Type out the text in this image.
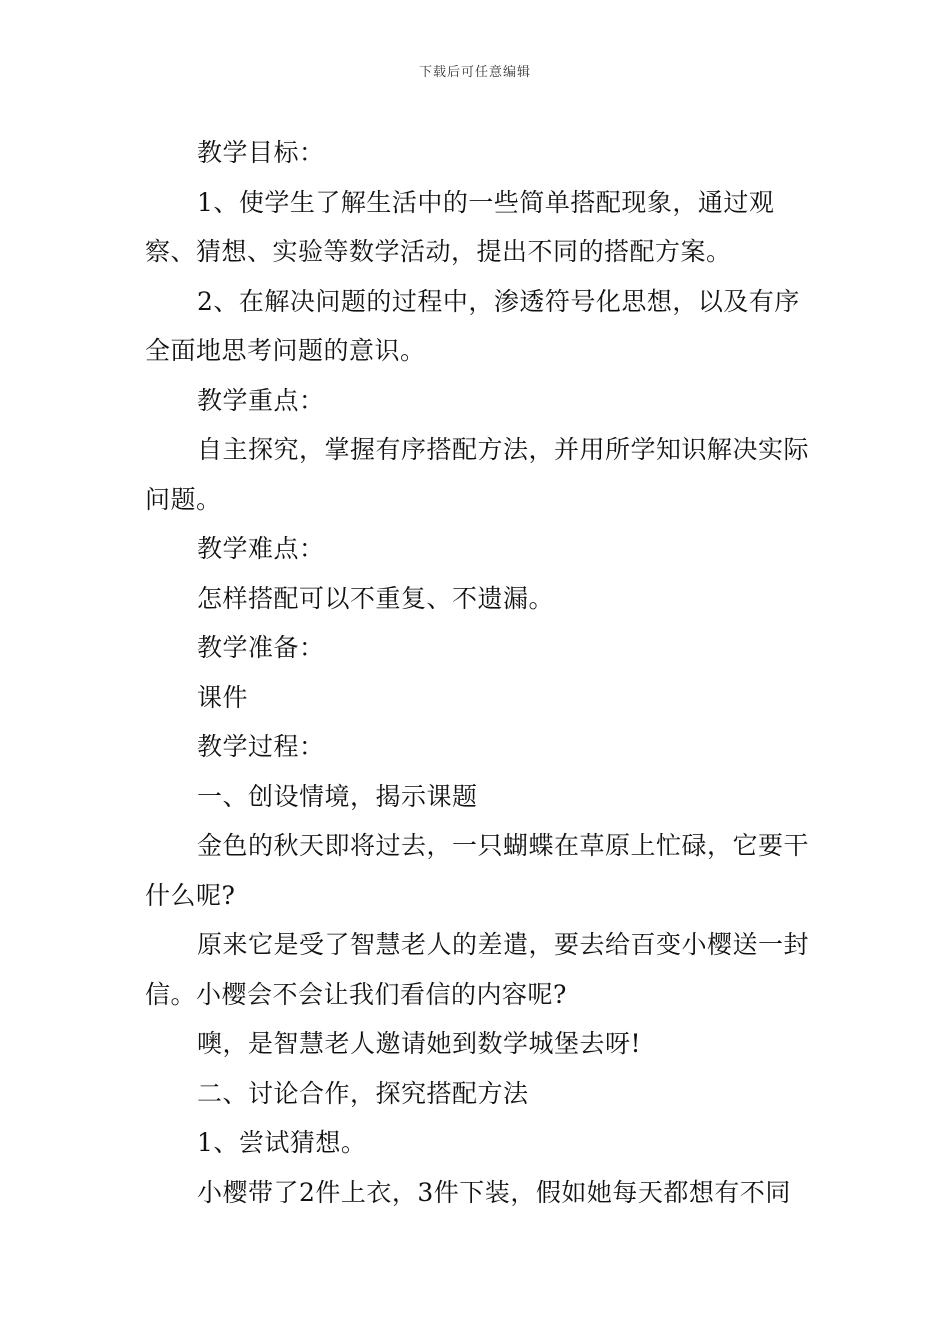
下载后可任意编辑

教学目标：

1、使学生了解生活中的一些简单搭配现象，通过观察、猜想、实验等数学活动，提出不同的搭配方案。

2、在解决问题的过程中，渗透符号化思想，以及有序全面地思考问题的意识。

教学重点：

自主探究，掌握有序搭配方法，并用所学知识解决实际问题。

教学难点：

怎样搭配可以不重复、不遗漏。

教学准备：

课件

教学过程：

一、创设情境，揭示课题

金色的秋天即将过去，一只蝴蝶在草原上忙碌，它要干什么呢?

原来它是受了智慧老人的差遣，要去给百变小樱送一封信。小樱会不会让我们看信的内容呢?

噢，是智慧老人邀请她到数学城堡去呀!

二、讨论合作，探究搭配方法

1、尝试猜想。

小樱带了2件上衣，3件下装，假如她每天都想有不同
